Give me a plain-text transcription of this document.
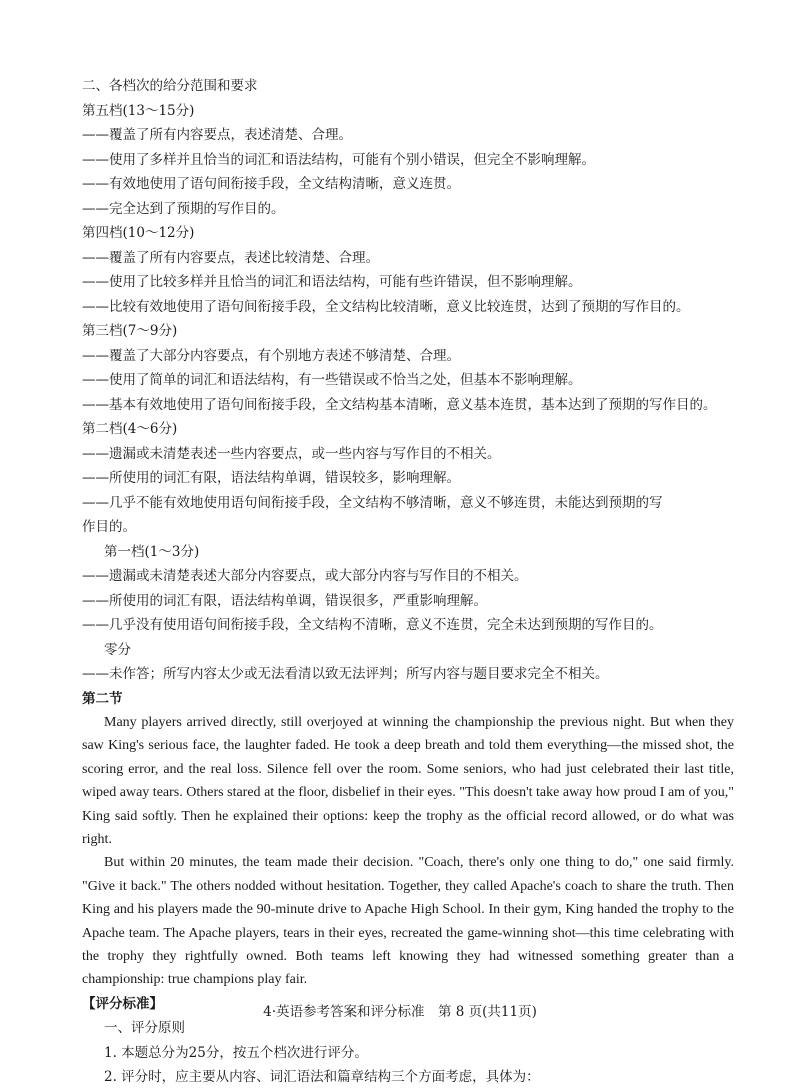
二、各档次的给分范围和要求
第五档(13～15分)
——覆盖了所有内容要点，表述清楚、合理。
——使用了多样并且恰当的词汇和语法结构，可能有个别小错误，但完全不影响理解。
——有效地使用了语句间衔接手段，全文结构清晰，意义连贯。
——完全达到了预期的写作目的。
第四档(10～12分)
——覆盖了所有内容要点，表述比较清楚、合理。
——使用了比较多样并且恰当的词汇和语法结构，可能有些许错误，但不影响理解。
——比较有效地使用了语句间衔接手段，全文结构比较清晰，意义比较连贯，达到了预期的写作目的。
第三档(7～9分)
——覆盖了大部分内容要点，有个别地方表述不够清楚、合理。
——使用了简单的词汇和语法结构，有一些错误或不恰当之处，但基本不影响理解。
——基本有效地使用了语句间衔接手段，全文结构基本清晰，意义基本连贯，基本达到了预期的写作目的。
第二档(4～6分)
——遗漏或未清楚表述一些内容要点，或一些内容与写作目的不相关。
——所使用的词汇有限，语法结构单调，错误较多，影响理解。
——几乎不能有效地使用语句间衔接手段，全文结构不够清晰，意义不够连贯，未能达到预期的写
作目的。
第一档(1～3分)
——遗漏或未清楚表述大部分内容要点，或大部分内容与写作目的不相关。
——所使用的词汇有限，语法结构单调，错误很多，严重影响理解。
——几乎没有使用语句间衔接手段，全文结构不清晰，意义不连贯，完全未达到预期的写作目的。
零分
——未作答；所写内容太少或无法看清以致无法评判；所写内容与题目要求完全不相关。
第二节

Many players arrived directly, still overjoyed at winning the championship the previous night. But when they saw King's serious face, the laughter faded. He took a deep breath and told them everything—the missed shot, the scoring error, and the real loss. Silence fell over the room. Some seniors, who had just celebrated their last title, wiped away tears. Others stared at the floor, disbelief in their eyes. "This doesn't take away how proud I am of you," King said softly. Then he explained their options: keep the trophy as the official record allowed, or do what was right.

But within 20 minutes, the team made their decision. "Coach, there's only one thing to do," one said firmly. "Give it back." The others nodded without hesitation. Together, they called Apache's coach to share the truth. Then King and his players made the 90-minute drive to Apache High School. In their gym, King handed the trophy to the Apache team. The Apache players, tears in their eyes, recreated the game-winning shot—this time celebrating with the trophy they rightfully owned. Both teams left knowing they had witnessed something greater than a championship: true champions play fair.

【评分标准】
一、评分原则
1. 本题总分为25分，按五个档次进行评分。
2. 评分时，应主要从内容、词汇语法和篇章结构三个方面考虑，具体为：
4·英语参考答案和评分标准　第 8 页(共11页)
